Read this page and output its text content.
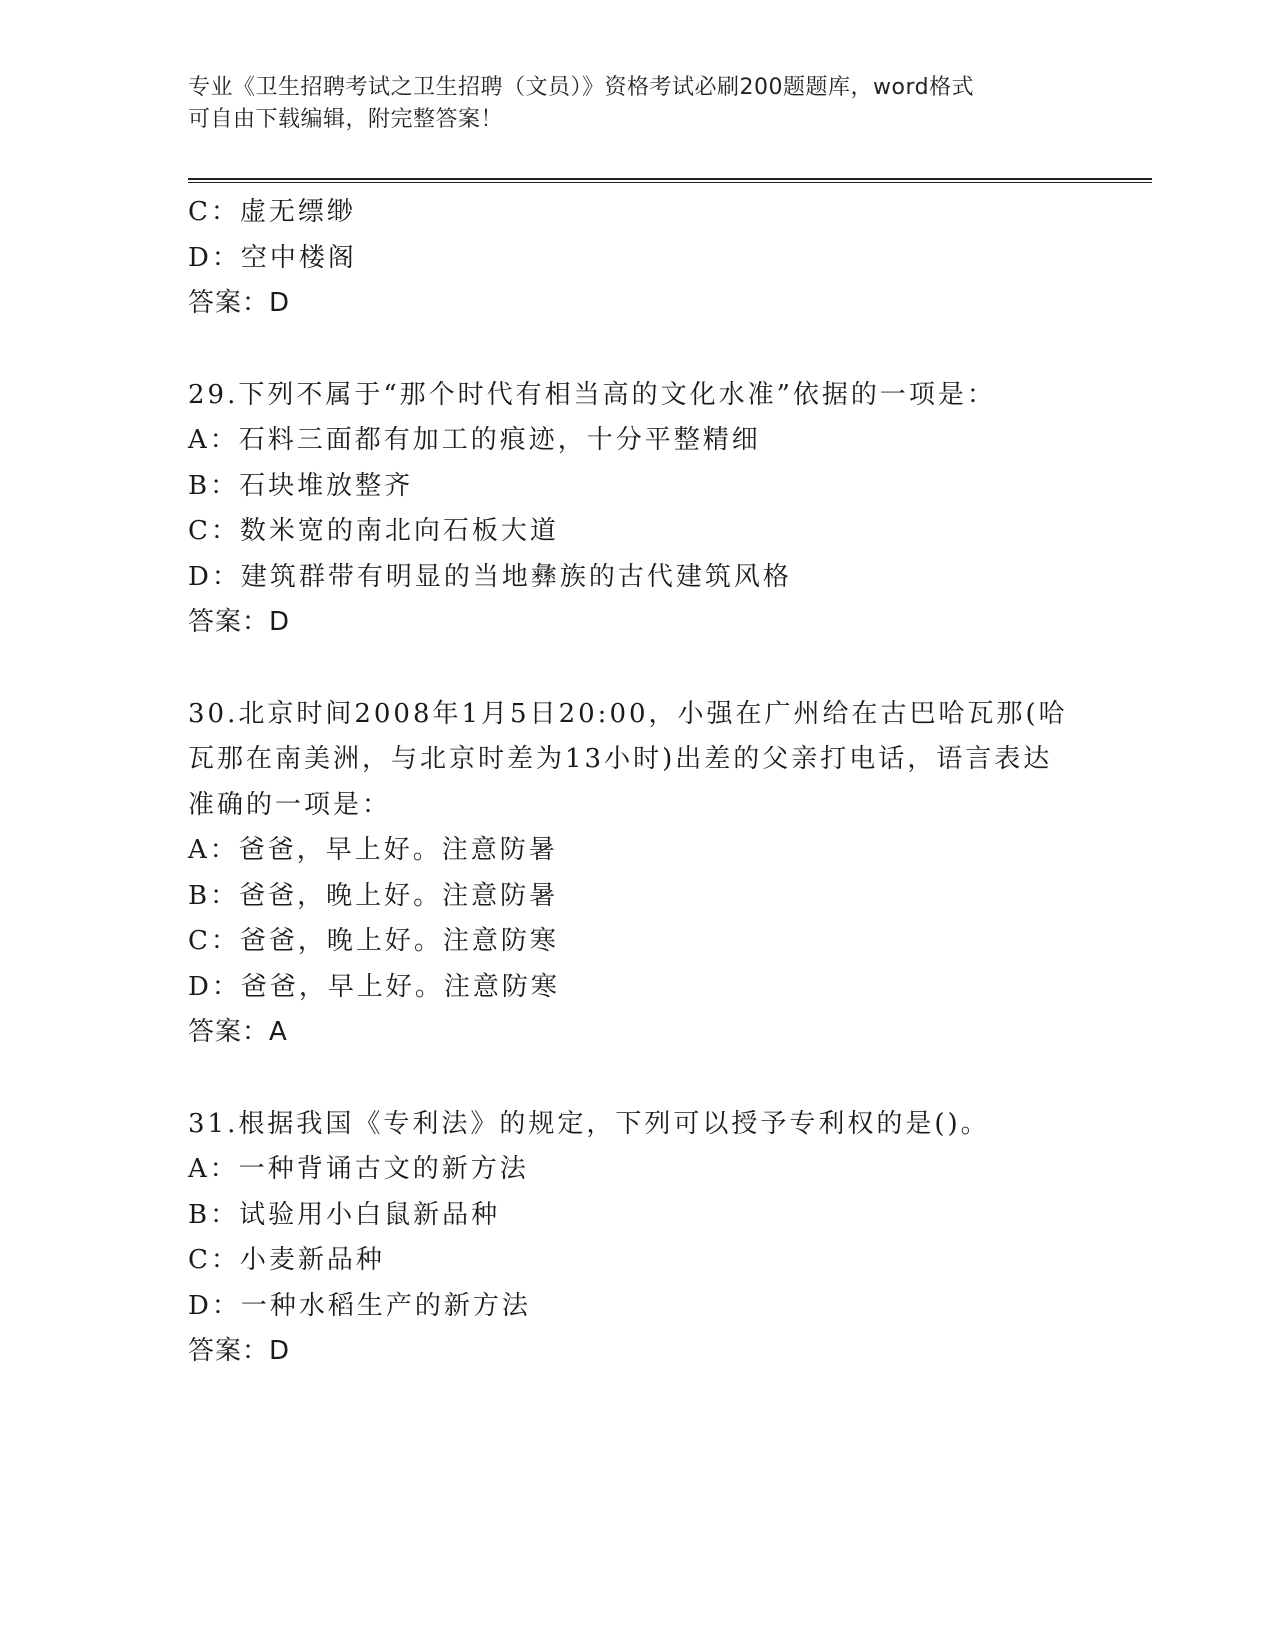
专业《卫生招聘考试之卫生招聘（文员）》资格考试必刷200题题库，word格式
可自由下载编辑，附完整答案！
C：虚无缥缈
D：空中楼阁
答案：D
29.下列不属于“那个时代有相当高的文化水准”依据的一项是：
A：石料三面都有加工的痕迹，十分平整精细
B：石块堆放整齐
C：数米宽的南北向石板大道
D：建筑群带有明显的当地彝族的古代建筑风格
答案：D
30.北京时间2008年1月5日20:00，小强在广州给在古巴哈瓦那(哈
瓦那在南美洲，与北京时差为13小时)出差的父亲打电话，语言表达
准确的一项是：
A：爸爸，早上好。注意防暑
B：爸爸，晚上好。注意防暑
C：爸爸，晚上好。注意防寒
D：爸爸，早上好。注意防寒
答案：A
31.根据我国《专利法》的规定，下列可以授予专利权的是()。
A：一种背诵古文的新方法
B：试验用小白鼠新品种
C：小麦新品种
D：一种水稻生产的新方法
答案：D
